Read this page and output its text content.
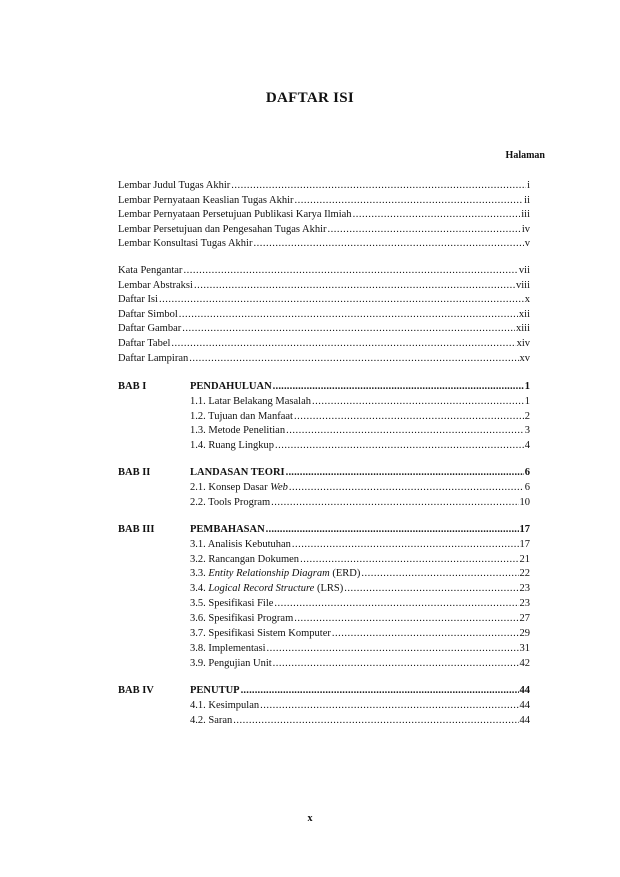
DAFTAR ISI
Halaman
Lembar Judul Tugas Akhir .....	i
Lembar Pernyataan Keaslian Tugas Akhir .....	ii
Lembar Pernyataan Persetujuan Publikasi Karya Ilmiah .....	iii
Lembar Persetujuan dan Pengesahan Tugas Akhir .....	iv
Lembar Konsultasi Tugas Akhir .....	v
Kata Pengantar .....	vii
Lembar Abstraksi .....	viii
Daftar Isi .....	x
Daftar Simbol .....	xii
Daftar Gambar .....	xiii
Daftar Tabel .....	xiv
Daftar Lampiran .....	xv
BAB I	PENDAHULUAN .....	1
1.1. Latar Belakang Masalah .....	1
1.2. Tujuan dan Manfaat .....	2
1.3. Metode Penelitian .....	3
1.4. Ruang Lingkup .....	4
BAB II	LANDASAN TEORI .....	6
2.1. Konsep Dasar Web .....	6
2.2. Tools Program .....	10
BAB III	PEMBAHASAN .....	17
3.1. Analisis Kebutuhan .....	17
3.2. Rancangan Dokumen .....	21
3.3. Entity Relationship Diagram (ERD) .....	22
3.4. Logical Record Structure (LRS) .....	23
3.5. Spesifikasi File .....	23
3.6. Spesifikasi Program .....	27
3.7. Spesifikasi Sistem Komputer .....	29
3.8. Implementasi .....	31
3.9. Pengujian Unit .....	42
BAB IV	PENUTUP .....	44
4.1. Kesimpulan .....	44
4.2. Saran .....	44
x
